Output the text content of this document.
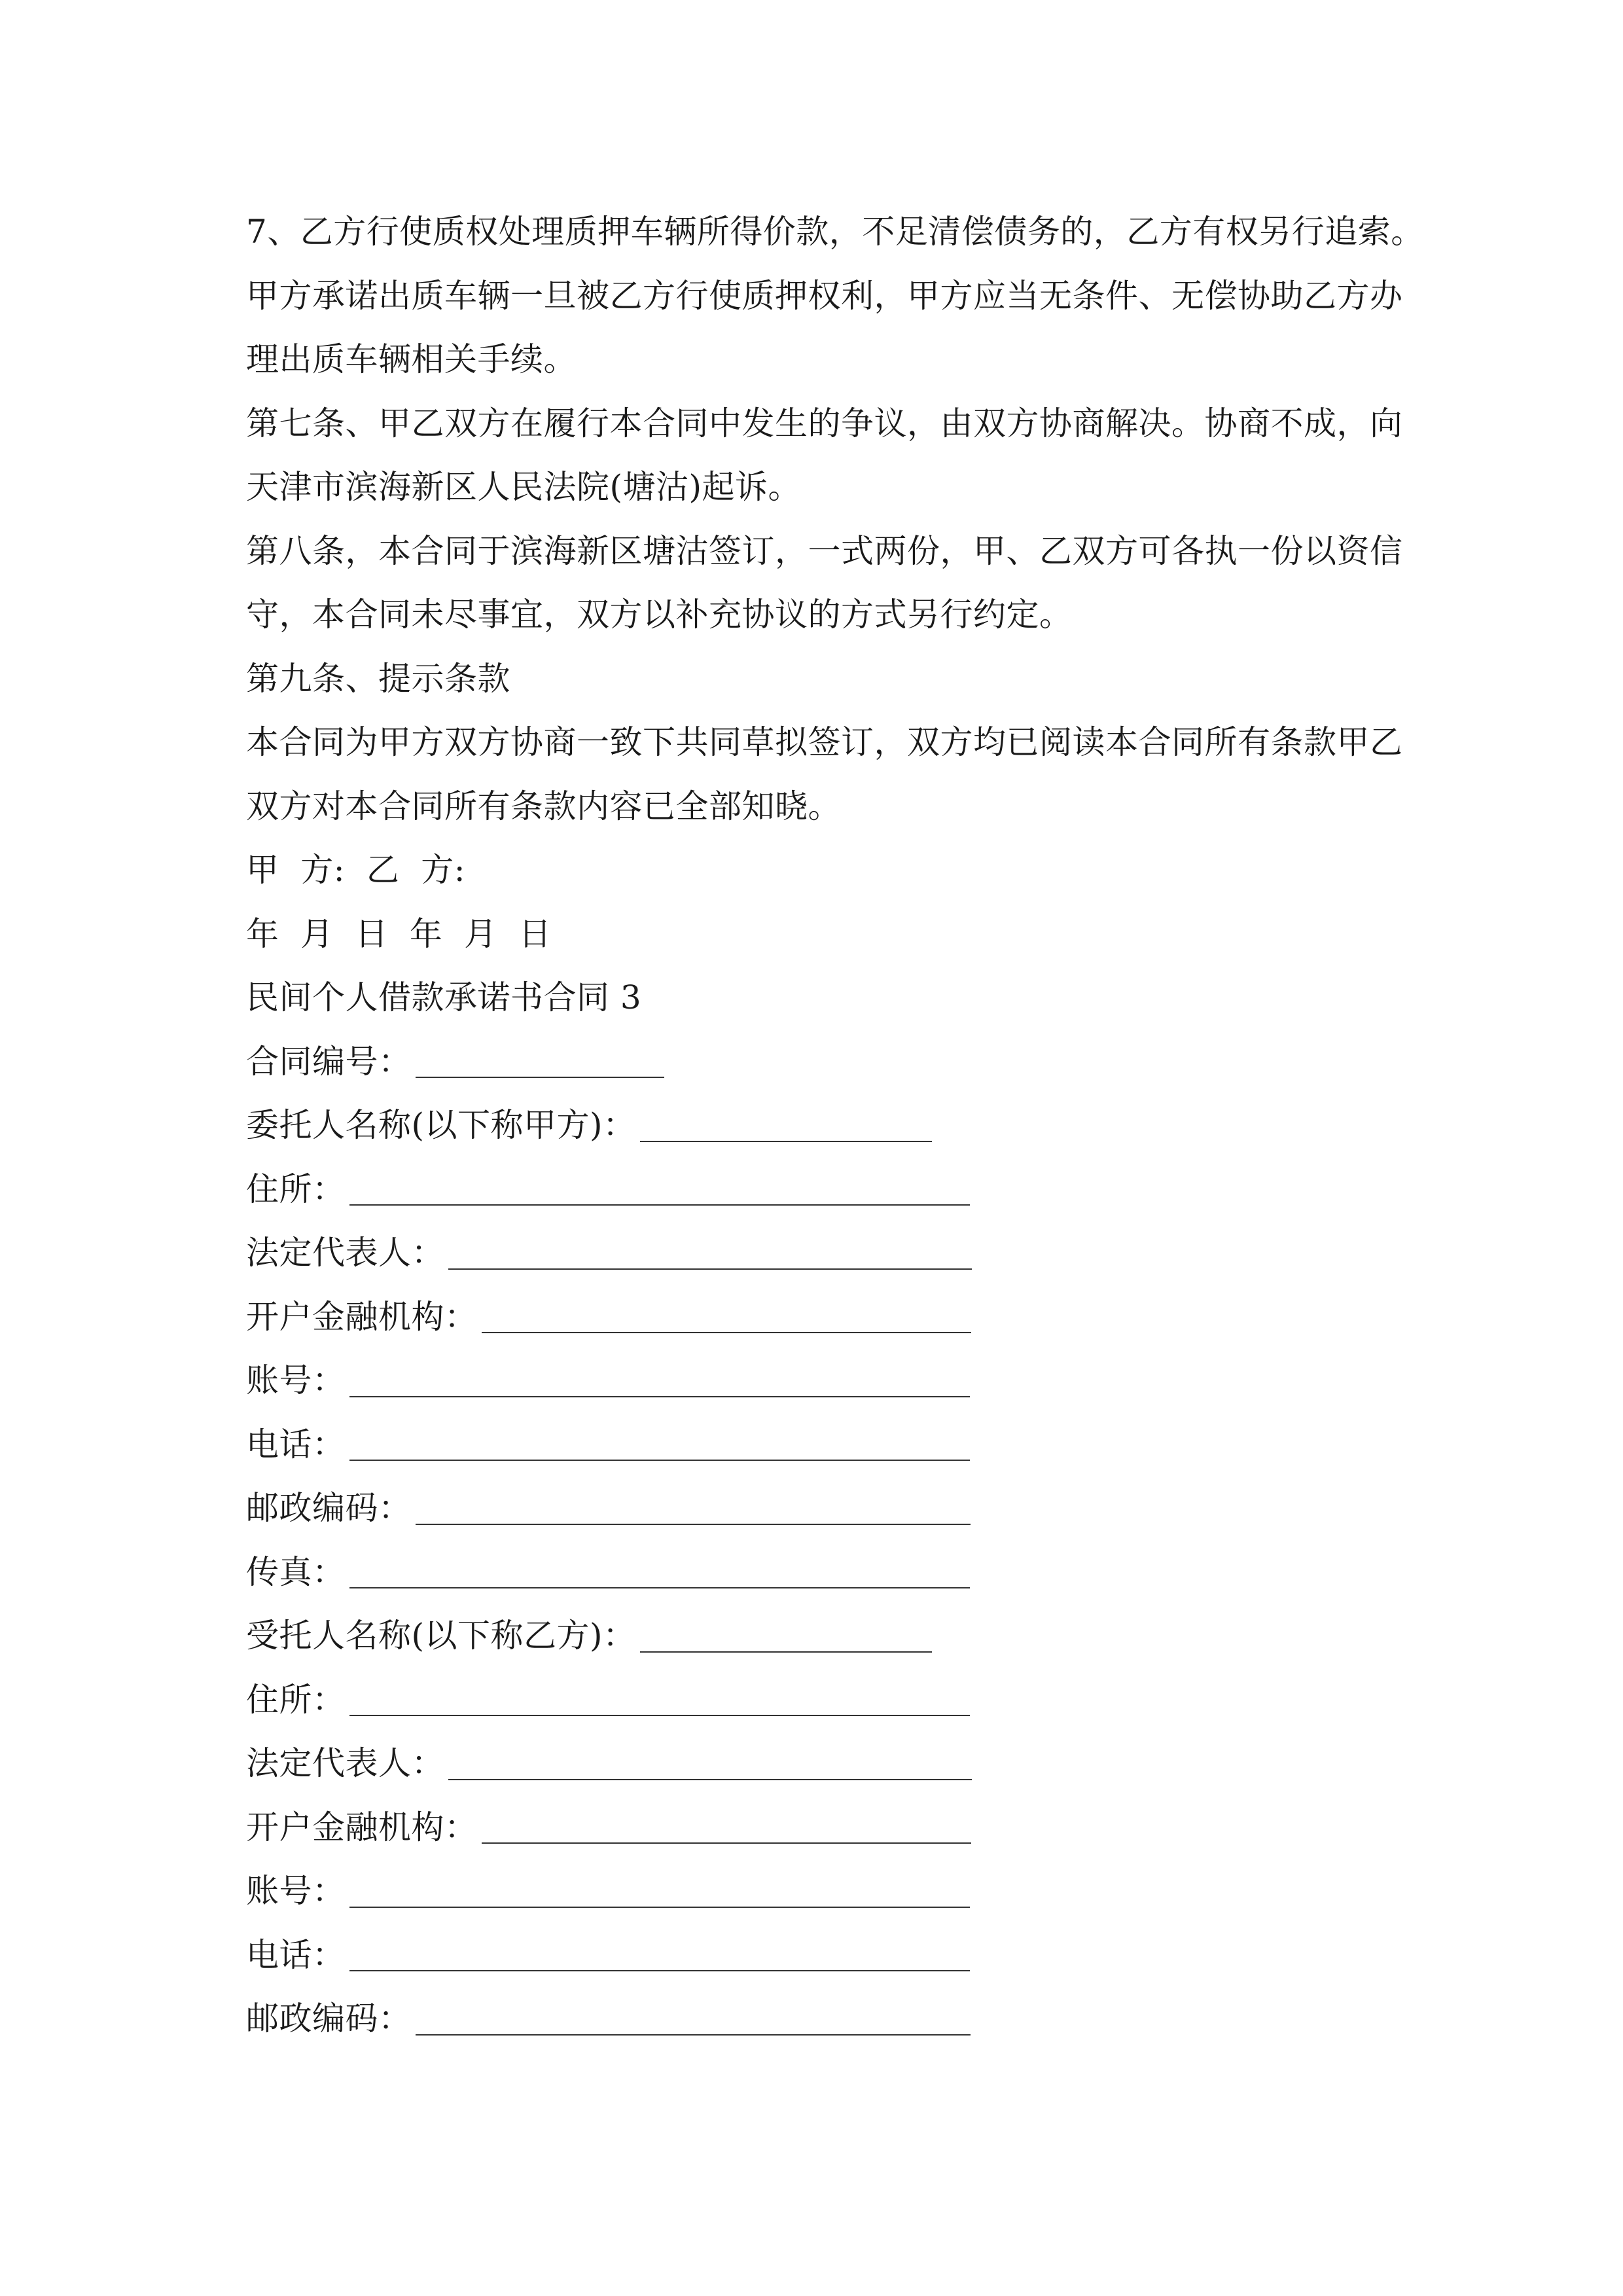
7、乙方行使质权处理质押车辆所得价款，不足清偿债务的，乙方有权另行追索。
甲方承诺出质车辆一旦被乙方行使质押权利，甲方应当无条件、无偿协助乙方办
理出质车辆相关手续。
第七条、甲乙双方在履行本合同中发生的争议，由双方协商解决。协商不成，向
天津市滨海新区人民法院(塘沽)起诉。
第八条，本合同于滨海新区塘沽签订，一式两份，甲、乙双方可各执一份以资信
守，本合同未尽事宜，双方以补充协议的方式另行约定。
第九条、提示条款
本合同为甲方双方协商一致下共同草拟签订，双方均已阅读本合同所有条款甲乙
双方对本合同所有条款内容已全部知晓。
甲  方:  乙  方:
年  月  日  年  月  日
民间个人借款承诺书合同 3
合同编号：
委托人名称(以下称甲方)：
住所：
法定代表人：
开户金融机构：
账号：
电话：
邮政编码：
传真：
受托人名称(以下称乙方)：
住所：
法定代表人：
开户金融机构：
账号：
电话：
邮政编码：
